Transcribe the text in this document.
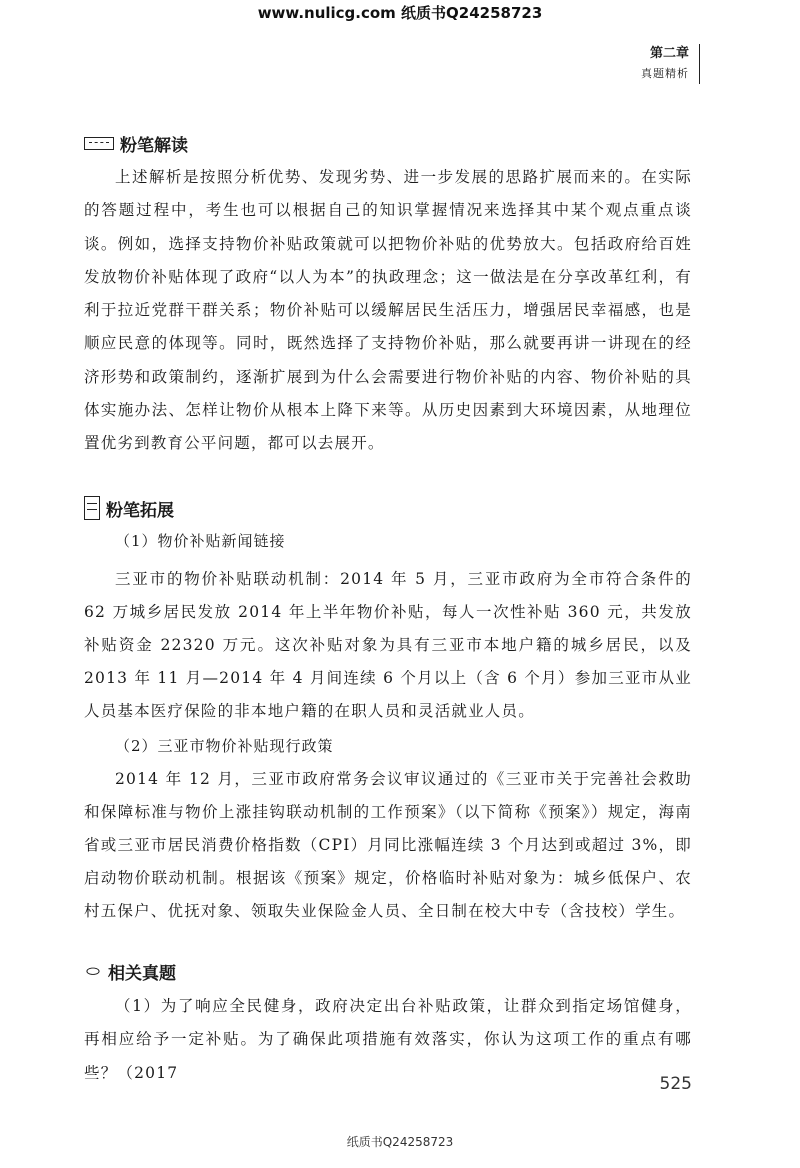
www.nulicg.com 纸质书Q24258723
第二章
真题精析
粉笔解读

上述解析是按照分析优势、发现劣势、进一步发展的思路扩展而来的。在实际的答题过程中，考生也可以根据自己的知识掌握情况来选择其中某个观点重点谈谈。例如，选择支持物价补贴政策就可以把物价补贴的优势放大。包括政府给百姓发放物价补贴体现了政府“以人为本”的执政理念；这一做法是在分享改革红利，有利于拉近党群干群关系；物价补贴可以缓解居民生活压力，增强居民幸福感，也是顺应民意的体现等。同时，既然选择了支持物价补贴，那么就要再讲一讲现在的经济形势和政策制约，逐渐扩展到为什么会需要进行物价补贴的内容、物价补贴的具体实施办法、怎样让物价从根本上降下来等。从历史因素到大环境因素，从地理位置优劣到教育公平问题，都可以去展开。

粉笔拓展
（1）物价补贴新闻链接

三亚市的物价补贴联动机制：2014 年 5 月，三亚市政府为全市符合条件的 62 万城乡居民发放 2014 年上半年物价补贴，每人一次性补贴 360 元，共发放补贴资金 22320 万元。这次补贴对象为具有三亚市本地户籍的城乡居民，以及 2013 年 11 月—2014 年 4 月间连续 6 个月以上（含 6 个月）参加三亚市从业人员基本医疗保险的非本地户籍的在职人员和灵活就业人员。

（2）三亚市物价补贴现行政策

2014 年 12 月，三亚市政府常务会议审议通过的《三亚市关于完善社会救助和保障标准与物价上涨挂钩联动机制的工作预案》（以下简称《预案》）规定，海南省或三亚市居民消费价格指数（CPI）月同比涨幅连续 3 个月达到或超过 3%，即启动物价联动机制。根据该《预案》规定，价格临时补贴对象为：城乡低保户、农村五保户、优抚对象、领取失业保险金人员、全日制在校大中专（含技校）学生。

㇣ 相关真题

（1）为了响应全民健身，政府决定出台补贴政策，让群众到指定场馆健身，再相应给予一定补贴。为了确保此项措施有效落实，你认为这项工作的重点有哪些？（2017

525
纸质书Q24258723
